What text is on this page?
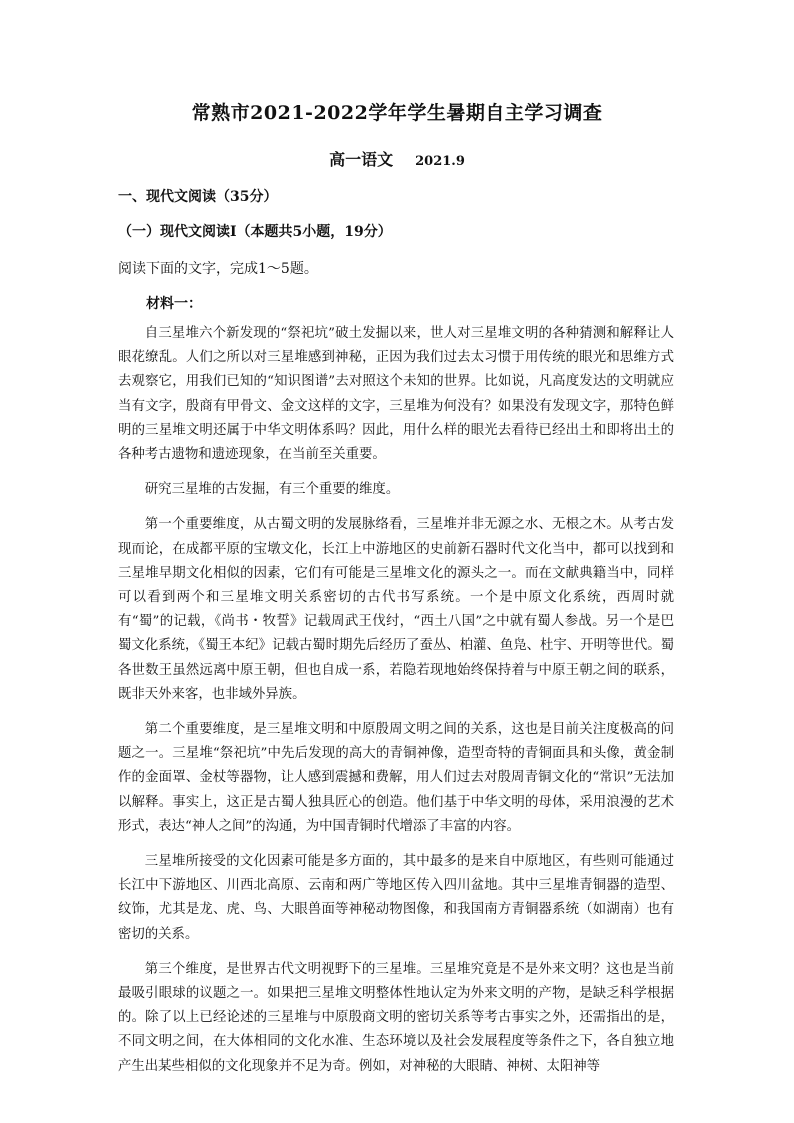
常熟市2021-2022学年学生暑期自主学习调查
高一语文 2021.9
一、现代文阅读（35分）
（一）现代文阅读Ⅰ（本题共5小题，19分）
阅读下面的文字，完成1～5题。
材料一：

自三星堆六个新发现的“祭祀坑”破土发掘以来，世人对三星堆文明的各种猜测和解释让人眼花缭乱。人们之所以对三星堆感到神秘，正因为我们过去太习惯于用传统的眼光和思维方式去观察它，用我们已知的“知识图谱”去对照这个未知的世界。比如说，凡高度发达的文明就应当有文字，殷商有甲骨文、金文这样的文字，三星堆为何没有？如果没有发现文字，那特色鲜明的三星堆文明还属于中华文明体系吗？因此，用什么样的眼光去看待已经出土和即将出土的各种考古遗物和遗迹现象，在当前至关重要。

研究三星堆的古发掘，有三个重要的维度。

第一个重要维度，从古蜀文明的发展脉络看，三星堆并非无源之水、无根之木。从考古发现而论，在成都平原的宝墩文化，长江上中游地区的史前新石器时代文化当中，都可以找到和三星堆早期文化相似的因素，它们有可能是三星堆文化的源头之一。而在文献典籍当中，同样可以看到两个和三星堆文明关系密切的古代书写系统。一个是中原文化系统，西周时就有“蜀”的记载，《尚书・牧誓》记载周武王伐纣，“西土八国”之中就有蜀人参战。另一个是巴蜀文化系统，《蜀王本纪》记载古蜀时期先后经历了蚕丛、柏灌、鱼凫、杜宇、开明等世代。蜀各世数王虽然远离中原王朝，但也自成一系，若隐若现地始终保持着与中原王朝之间的联系，既非天外来客，也非域外异族。

第二个重要维度，是三星堆文明和中原殷周文明之间的关系，这也是目前关注度极高的问题之一。三星堆“祭祀坑”中先后发现的高大的青铜神像，造型奇特的青铜面具和头像，黄金制作的金面罩、金杖等器物，让人感到震撼和费解，用人们过去对殷周青铜文化的“常识”无法加以解释。事实上，这正是古蜀人独具匠心的创造。他们基于中华文明的母体，采用浪漫的艺术形式，表达“神人之间”的沟通，为中国青铜时代增添了丰富的内容。

三星堆所接受的文化因素可能是多方面的，其中最多的是来自中原地区，有些则可能通过长江中下游地区、川西北高原、云南和两广等地区传入四川盆地。其中三星堆青铜器的造型、纹饰，尤其是龙、虎、鸟、大眼兽面等神秘动物图像，和我国南方青铜器系统（如湖南）也有密切的关系。

第三个维度，是世界古代文明视野下的三星堆。三星堆究竟是不是外来文明？这也是当前最吸引眼球的议题之一。如果把三星堆文明整体性地认定为外来文明的产物，是缺乏科学根据的。除了以上已经论述的三星堆与中原殷商文明的密切关系等考古事实之外，还需指出的是，不同文明之间，在大体相同的文化水准、生态环境以及社会发展程度等条件之下，各自独立地产生出某些相似的文化现象并不足为奇。例如，对神秘的大眼睛、神树、太阳神等
